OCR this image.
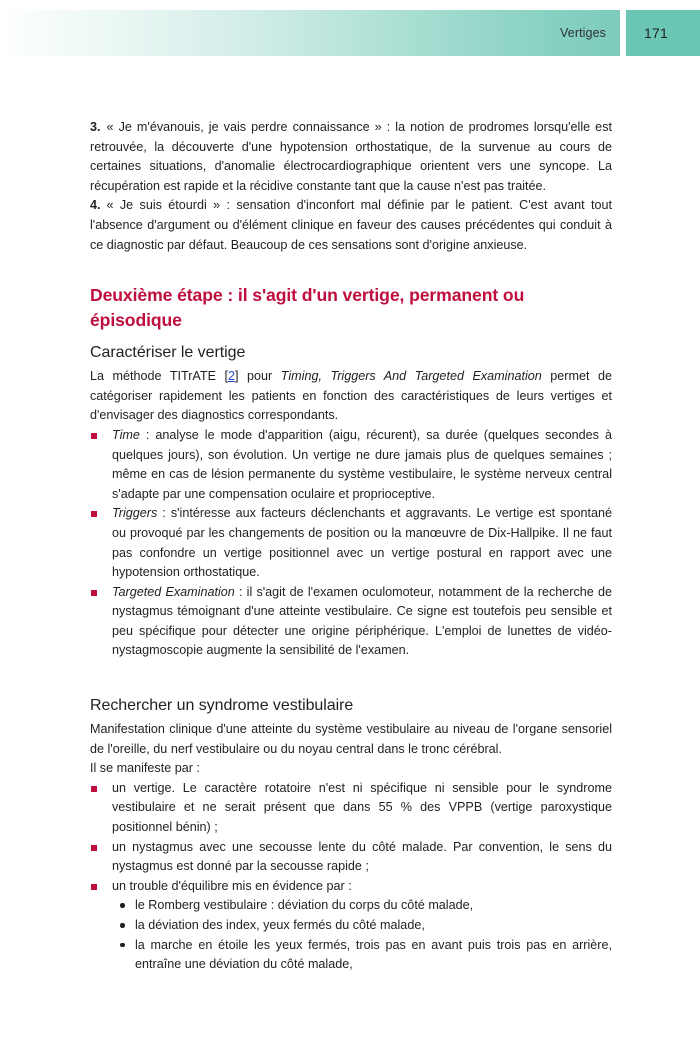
Vertiges	171

3. « Je m'évanouis, je vais perdre connaissance » : la notion de prodromes lorsqu'elle est retrouvée, la découverte d'une hypotension orthostatique, de la survenue au cours de certaines situations, d'anomalie électrocardiographique orientent vers une syncope. La récupération est rapide et la récidive constante tant que la cause n'est pas traitée.

4. « Je suis étourdi » : sensation d'inconfort mal définie par le patient. C'est avant tout l'absence d'argument ou d'élément clinique en faveur des causes précédentes qui conduit à ce diagnostic par défaut. Beaucoup de ces sensations sont d'origine anxieuse.

Deuxième étape : il s'agit d'un vertige, permanent ou épisodique
Caractériser le vertige

La méthode TITrATE [2] pour Timing, Triggers And Targeted Examination permet de catégoriser rapidement les patients en fonction des caractéristiques de leurs vertiges et d'envisager des diagnostics correspondants.

Time : analyse le mode d'apparition (aigu, récurent), sa durée (quelques secondes à quelques jours), son évolution. Un vertige ne dure jamais plus de quelques semaines ; même en cas de lésion permanente du système vestibulaire, le système nerveux central s'adapte par une compensation oculaire et proprioceptive.
Triggers : s'intéresse aux facteurs déclenchants et aggravants. Le vertige est spontané ou provoqué par les changements de position ou la manœuvre de Dix-Hallpike. Il ne faut pas confondre un vertige positionnel avec un vertige postural en rapport avec une hypotension orthostatique.
Targeted Examination : il s'agit de l'examen oculomoteur, notamment de la recherche de nystagmus témoignant d'une atteinte vestibulaire. Ce signe est toutefois peu sensible et peu spécifique pour détecter une origine périphérique. L'emploi de lunettes de vidéo-nystagmoscopie augmente la sensibilité de l'examen.
Rechercher un syndrome vestibulaire

Manifestation clinique d'une atteinte du système vestibulaire au niveau de l'organe sensoriel de l'oreille, du nerf vestibulaire ou du noyau central dans le tronc cérébral.

Il se manifeste par :

un vertige. Le caractère rotatoire n'est ni spécifique ni sensible pour le syndrome vestibulaire et ne serait présent que dans 55 % des VPPB (vertige paroxystique positionnel bénin) ;
un nystagmus avec une secousse lente du côté malade. Par convention, le sens du nystagmus est donné par la secousse rapide ;
un trouble d'équilibre mis en évidence par :
le Romberg vestibulaire : déviation du corps du côté malade,
la déviation des index, yeux fermés du côté malade,
la marche en étoile les yeux fermés, trois pas en avant puis trois pas en arrière, entraîne une déviation du côté malade,
